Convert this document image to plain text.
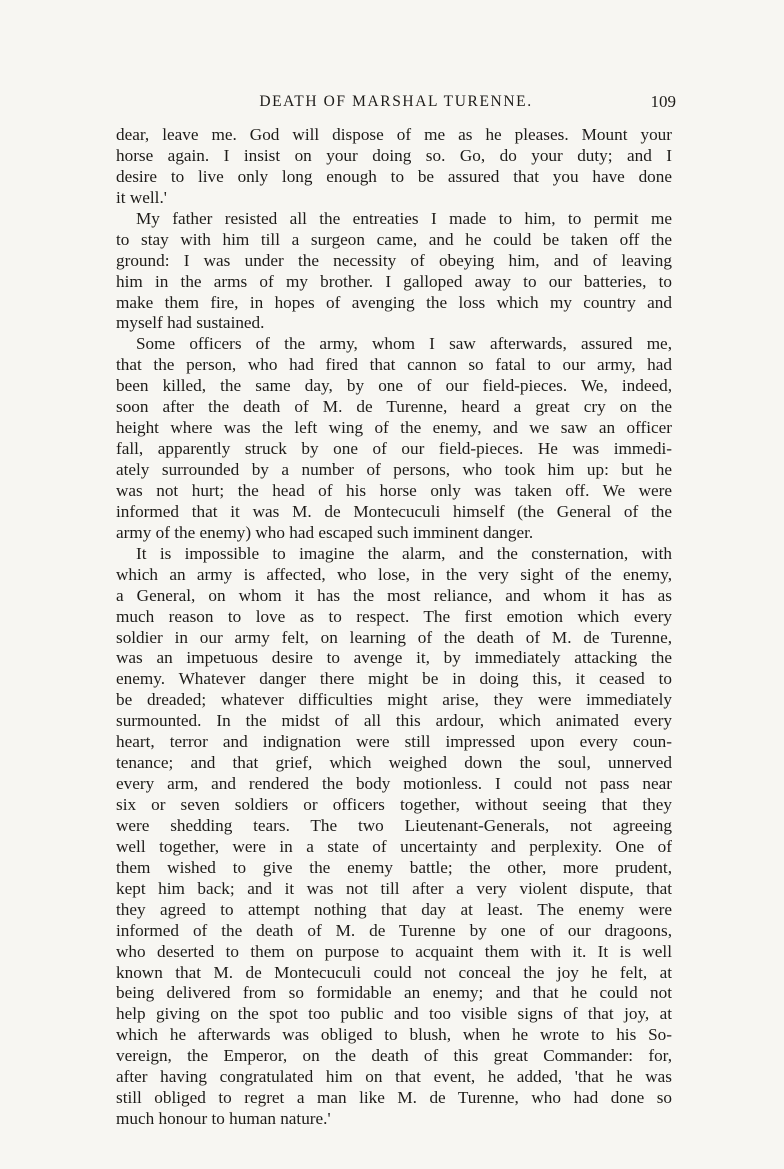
DEATH OF MARSHAL TURENNE.	109
dear, leave me. God will dispose of me as he pleases. Mount your
horse again. I insist on your doing so. Go, do your duty; and I
desire to live only long enough to be assured that you have done
it well.'
My father resisted all the entreaties I made to him, to permit me
to stay with him till a surgeon came, and he could be taken off the
ground: I was under the necessity of obeying him, and of leaving
him in the arms of my brother. I galloped away to our batteries, to
make them fire, in hopes of avenging the loss which my country and
myself had sustained.
Some officers of the army, whom I saw afterwards, assured me,
that the person, who had fired that cannon so fatal to our army, had
been killed, the same day, by one of our field-pieces. We, indeed,
soon after the death of M. de Turenne, heard a great cry on the
height where was the left wing of the enemy, and we saw an officer
fall, apparently struck by one of our field-pieces. He was immedi-
ately surrounded by a number of persons, who took him up: but he
was not hurt; the head of his horse only was taken off. We were
informed that it was M. de Montecuculi himself (the General of the
army of the enemy) who had escaped such imminent danger.
It is impossible to imagine the alarm, and the consternation, with
which an army is affected, who lose, in the very sight of the enemy,
a General, on whom it has the most reliance, and whom it has as
much reason to love as to respect. The first emotion which every
soldier in our army felt, on learning of the death of M. de Turenne,
was an impetuous desire to avenge it, by immediately attacking the
enemy. Whatever danger there might be in doing this, it ceased to
be dreaded; whatever difficulties might arise, they were immediately
surmounted. In the midst of all this ardour, which animated every
heart, terror and indignation were still impressed upon every coun-
tenance; and that grief, which weighed down the soul, unnerved
every arm, and rendered the body motionless. I could not pass near
six or seven soldiers or officers together, without seeing that they
were shedding tears. The two Lieutenant-Generals, not agreeing
well together, were in a state of uncertainty and perplexity. One of
them wished to give the enemy battle; the other, more prudent,
kept him back; and it was not till after a very violent dispute, that
they agreed to attempt nothing that day at least. The enemy were
informed of the death of M. de Turenne by one of our dragoons,
who deserted to them on purpose to acquaint them with it. It is well
known that M. de Montecuculi could not conceal the joy he felt, at
being delivered from so formidable an enemy; and that he could not
help giving on the spot too public and too visible signs of that joy, at
which he afterwards was obliged to blush, when he wrote to his So-
vereign, the Emperor, on the death of this great Commander: for,
after having congratulated him on that event, he added, 'that he was
still obliged to regret a man like M. de Turenne, who had done so
much honour to human nature.'
